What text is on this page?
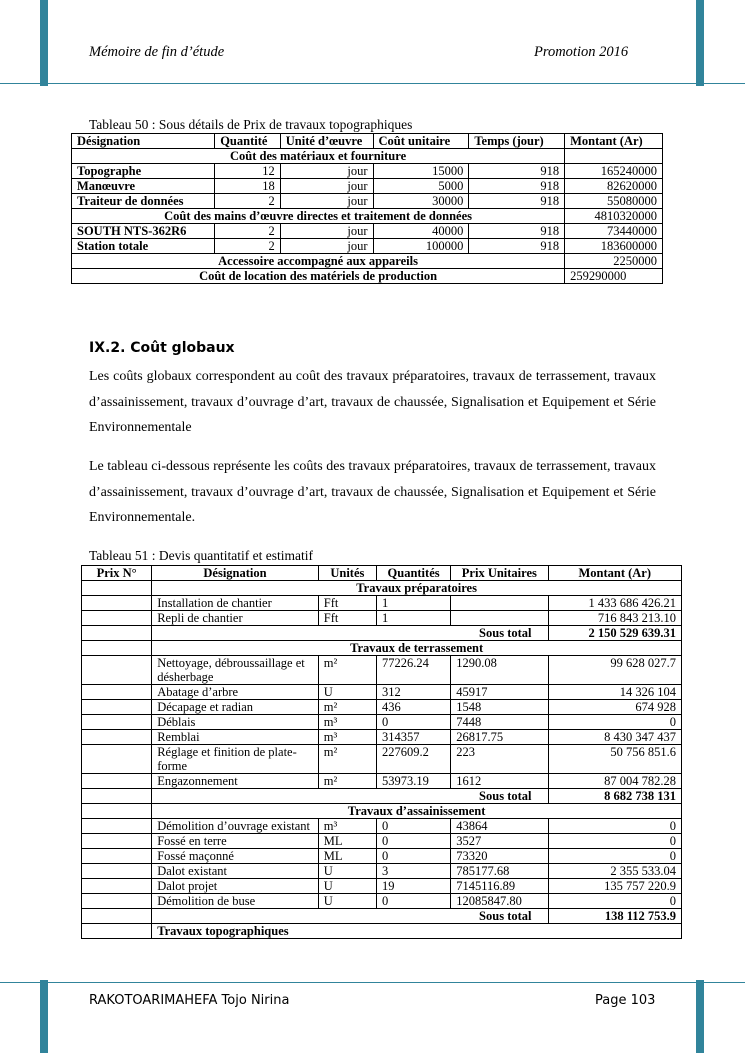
Mémoire de fin d’étude	Promotion 2016
Tableau 50 : Sous détails de Prix de travaux topographiques
Désignation	Quantité	Unité d’œuvre	Coût unitaire	Temps (jour)	Montant (Ar)
Coût des matériaux et fourniture					
Topographe	12	jour	15000	918	165240000
Manœuvre	18	jour	5000	918	82620000
Traiteur de données	2	jour	30000	918	55080000
Coût des mains d’œuvre directes et traitement de données					4810320000
SOUTH NTS-362R6	2	jour	40000	918	73440000
Station totale	2	jour	100000	918	183600000
Accessoire accompagné aux appareils					2250000
Coût de location des matériels de production					259290000
IX.2. Coût globaux
Les coûts globaux correspondent au coût des travaux préparatoires, travaux de terrassement, travaux d’assainissement, travaux d’ouvrage d’art, travaux de chaussée, Signalisation et Equipement et Série Environnementale
Le tableau ci-dessous représente les coûts des travaux préparatoires, travaux de terrassement, travaux d’assainissement, travaux d’ouvrage d’art, travaux de chaussée, Signalisation et Equipement et Série Environnementale.
Tableau 51 : Devis quantitatif et estimatif
Prix N°	Désignation	Unités	Quantités	Prix Unitaires	Montant (Ar)
	Travaux préparatoires				
	Installation de chantier	Fft	1		1 433 686 426.21
	Repli de chantier	Fft	1		716 843 213.10
	Sous total				2 150 529 639.31
	Travaux de terrassement				
	Nettoyage, débroussaillage et désherbage	m²	77226.24	1290.08	99 628 027.7
	Abatage d’arbre	U	312	45917	14 326 104
	Décapage et radian	m²	436	1548	674 928
	Déblais	m³	0	7448	0
	Remblai	m³	314357	26817.75	8 430 347 437
	Réglage et finition de plate-forme	m²	227609.2	223	50 756 851.6
	Engazonnement	m²	53973.19	1612	87 004 782.28
	Sous total				8 682 738 131
	Travaux d’assainissement				
	Démolition d’ouvrage existant	m³	0	43864	0
	Fossé en terre	ML	0	3527	0
	Fossé maçonné	ML	0	73320	0
	Dalot existant	U	3	785177.68	2 355 533.04
	Dalot projet	U	19	7145116.89	135 757 220.9
	Démolition de buse	U	0	12085847.80	0
	Sous total				138 112 753.9
	Travaux topographiques				
RAKOTOARIMAHEFA Tojo Nirina	Page 103
